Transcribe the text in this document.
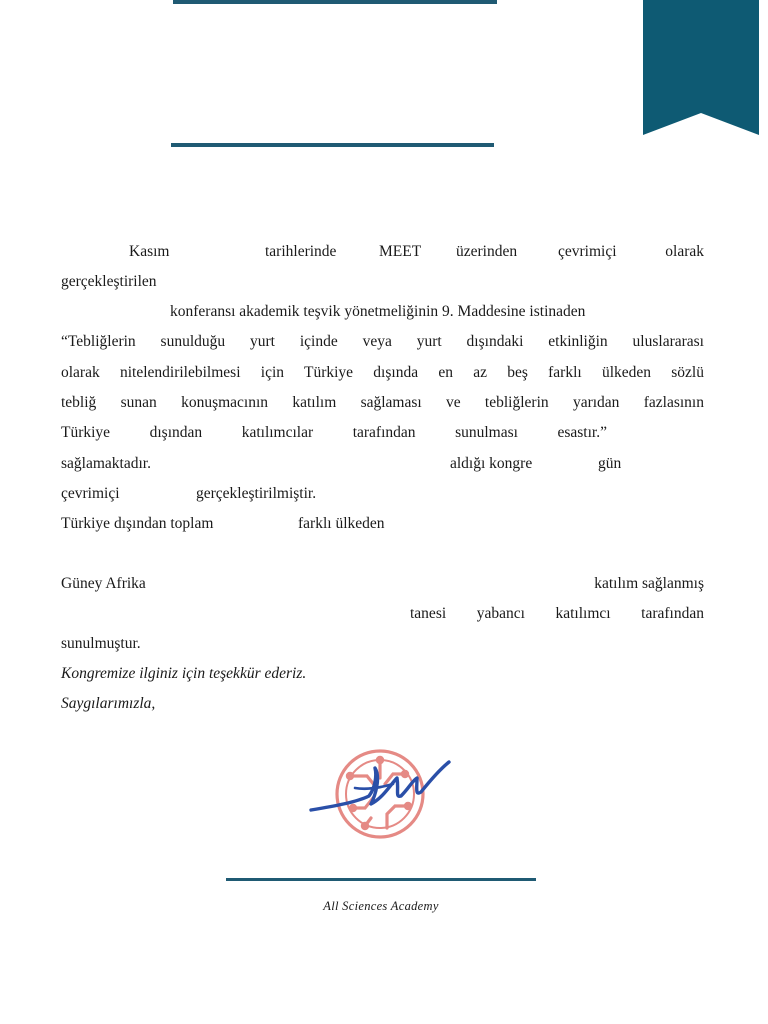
Kasım	tarihlerinde	MEET üzerinden	çevrimiçi	olarak
gerçekleştirilen
konferansı akademik teşvik yönetmeliğinin 9. Maddesine istinaden
“Tebliğlerin sunulduğu yurt içinde veya yurt dışındaki etkinliğin uluslararası
olarak nitelendirilebilmesi için Türkiye dışında en az beş farklı ülkeden sözlü
tebliğ sunan konuşmacının katılım sağlaması ve tebliğlerin yarıdan fazlasının
Türkiye dışından katılımcılar tarafından sunulması esastır.”
sağlamaktadır.	aldığı kongre	gün
çevrimiçi	gerçekleştirilmiştir.
Türkiye dışından toplam	farklı ülkeden
Güney Afrika	katılım sağlanmış
tanesi yabancı katılımcı tarafından
sunulmuştur.
Kongremize ilginiz için teşekkür ederiz.
Saygılarımızla,
All Sciences Academy
